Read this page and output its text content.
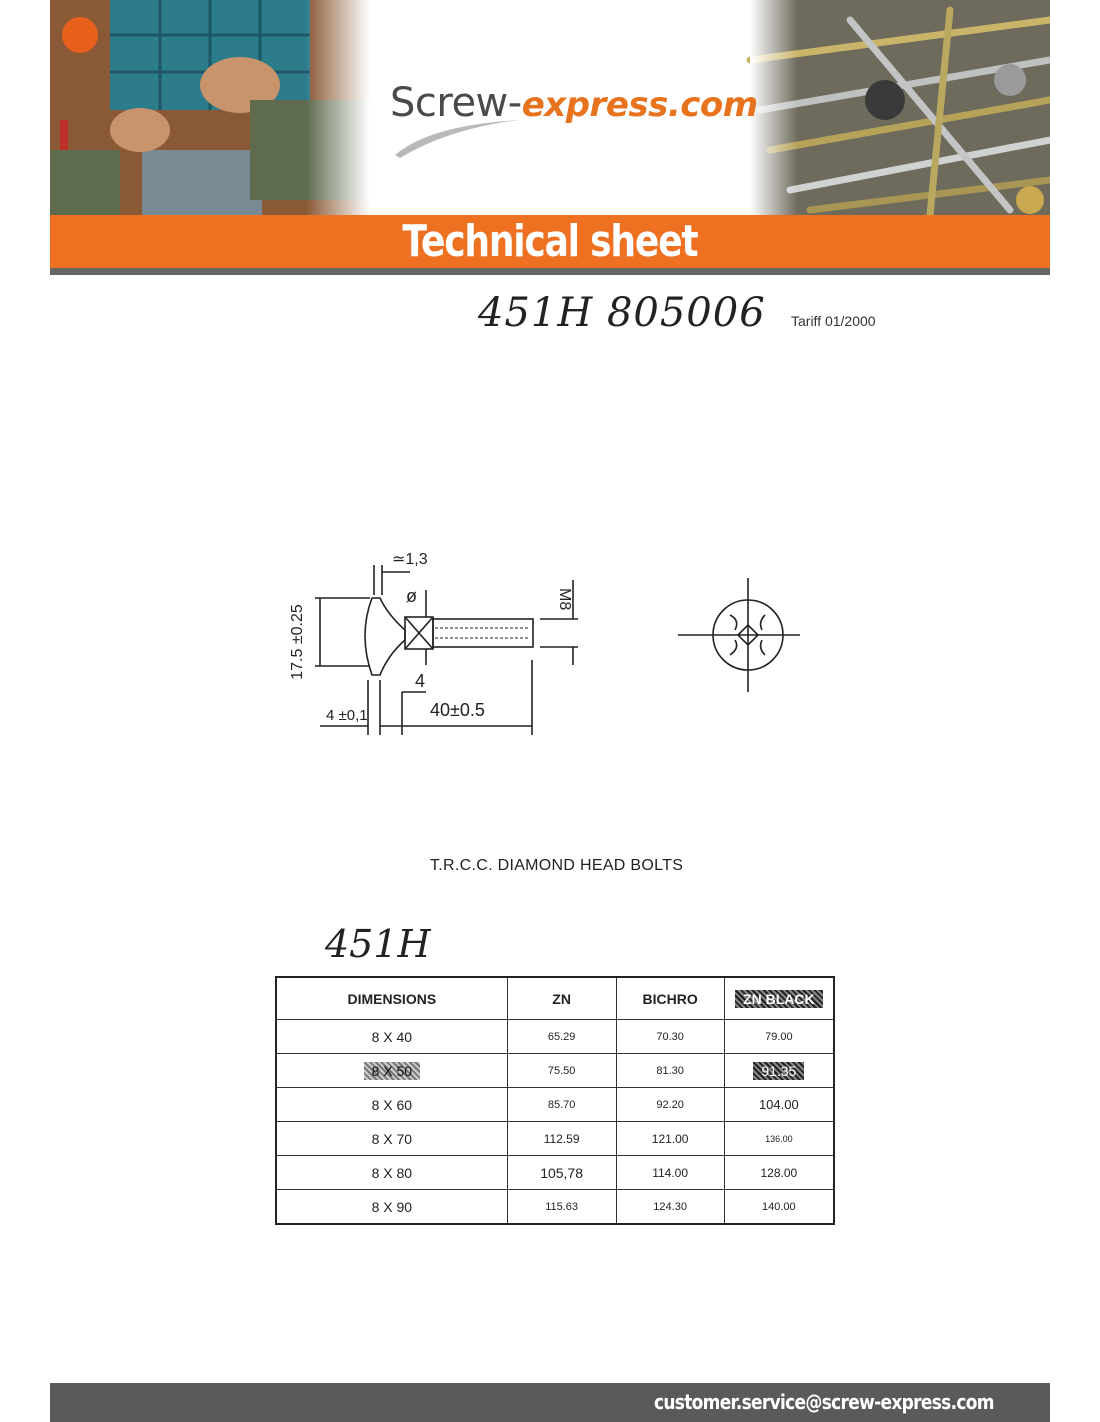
Screw-express.com
Technical sheet
451H 805006 Tariff 01/2000
17.5 ±0.25
≃1,3
ø	M8
4
4 ±0,1	40±0.5
T.R.C.C. DIAMOND HEAD BOLTS
451H
DIMENSIONS	ZN	BICHRO	ZN BLACK
8 X 40	65.29	70.30	79.00
8 X 50	75.50	81.30	91.35
8 X 60	85.70	92.20	104.00
8 X 70	112.59	121.00	136.00
8 X 80	105,78	114.00	128.00
8 X 90	115.63	124.30	140.00
customer.service@screw-express.com
